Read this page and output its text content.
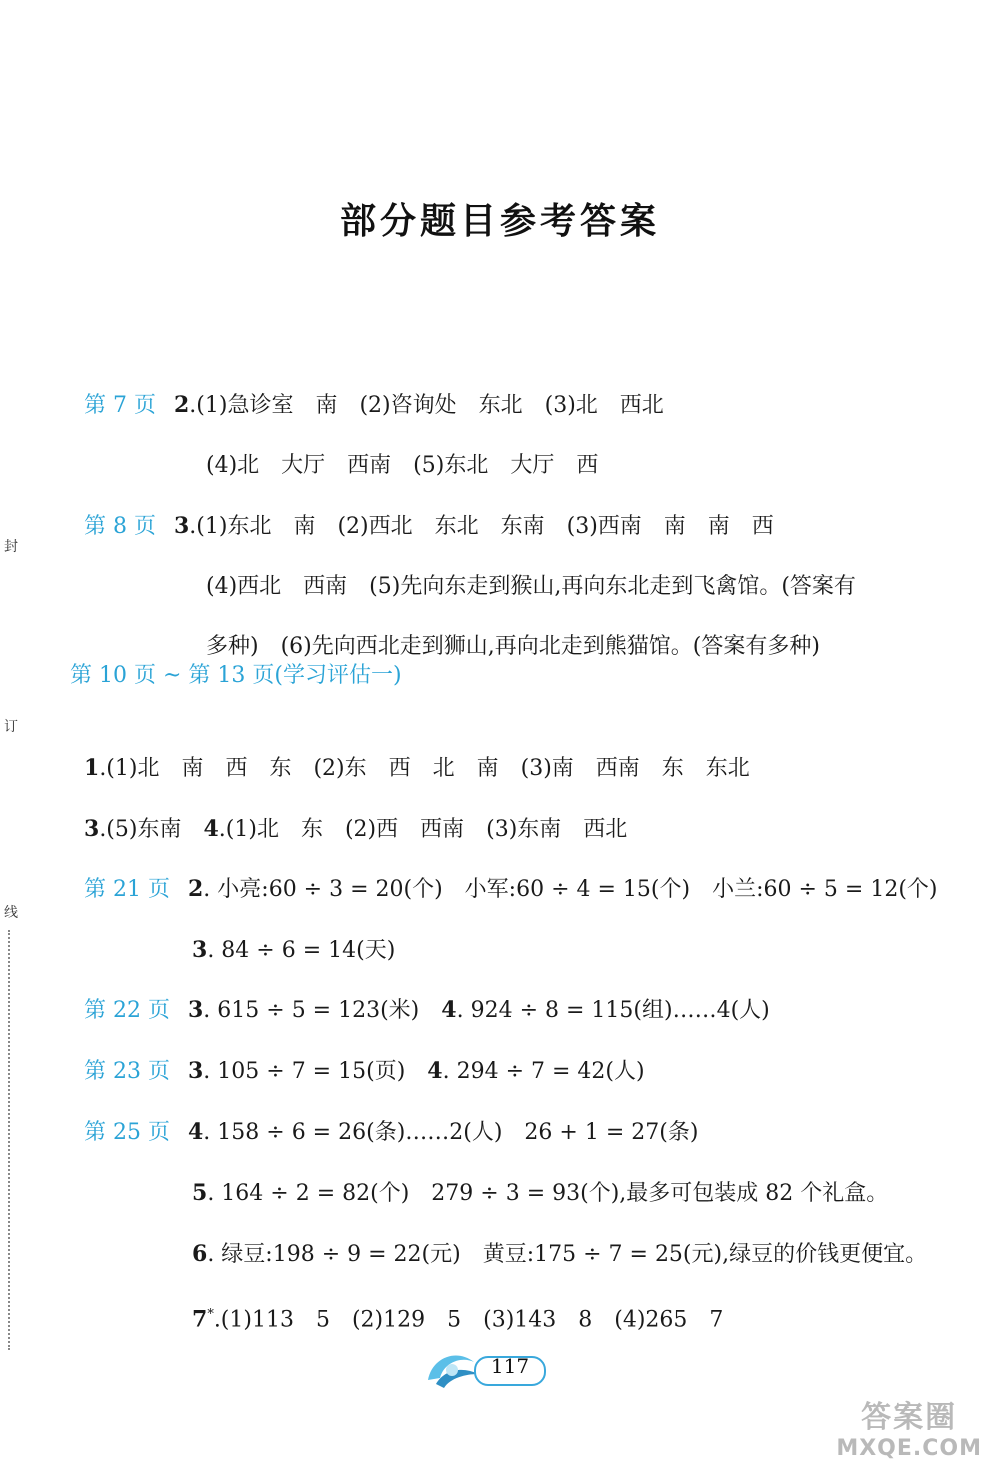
部分题目参考答案
封
订
线

第 7 页 2.(1)急诊室　南　(2)咨询处　东北　(3)北　西北

(4)北　大厅　西南　(5)东北　大厅　西

第 8 页 3.(1)东北　南　(2)西北　东北　东南　(3)西南　南　南　西

(4)西北　西南　(5)先向东走到猴山,再向东北走到飞禽馆。(答案有

多种)　(6)先向西北走到狮山,再向北走到熊猫馆。(答案有多种)

第 10 页 ~ 第 13 页(学习评估一)

1.(1)北　南　西　东　(2)东　西　北　南　(3)南　西南　东　东北

3.(5)东南　4.(1)北　东　(2)西　西南　(3)东南　西北

第 21 页 2. 小亮:60 ÷ 3 = 20(个)　小军:60 ÷ 4 = 15(个)　小兰:60 ÷ 5 = 12(个)

3. 84 ÷ 6 = 14(天)

第 22 页 3. 615 ÷ 5 = 123(米)　4. 924 ÷ 8 = 115(组)……4(人)

第 23 页 3. 105 ÷ 7 = 15(页)　4. 294 ÷ 7 = 42(人)

第 25 页 4. 158 ÷ 6 = 26(条)……2(人)　26 + 1 = 27(条)

5. 164 ÷ 2 = 82(个)　279 ÷ 3 = 93(个),最多可包装成 82 个礼盒。

6. 绿豆:198 ÷ 9 = 22(元)　黄豆:175 ÷ 7 = 25(元),绿豆的价钱更便宜。

7*.(1)113　5　(2)129　5　(3)143　8　(4)265　7

117
答案圈
MXQE.COM
